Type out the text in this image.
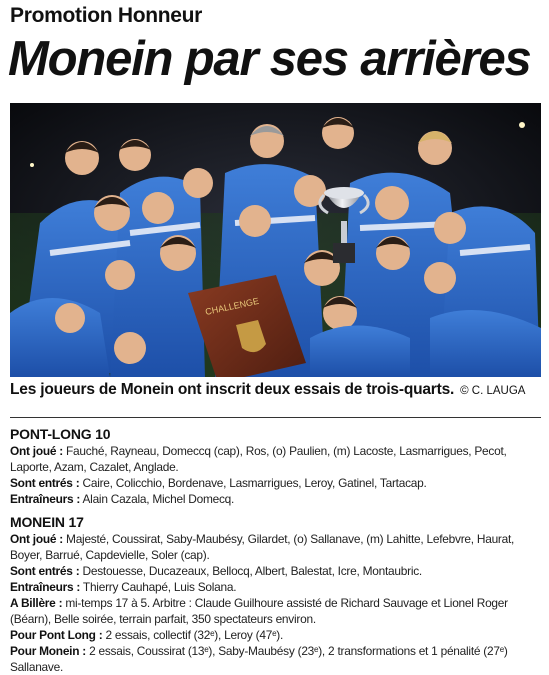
Promotion Honneur
Monein par ses arrières
CHALLENGE
Les joueurs de Monein ont inscrit deux essais de trois-quarts. © C. LAUGA
PONT-LONG 10

Ont joué : Fauché, Rayneau, Domeccq (cap), Ros, (o) Paulien, (m) Lacoste, Lasmarrigues, Pecot, Laporte, Azam, Cazalet, Anglade.

Sont entrés : Caire, Colicchio, Bordenave, Lasmarrigues, Leroy, Gatinel, Tartacap.

Entraîneurs : Alain Cazala, Michel Domecq.

MONEIN 17

Ont joué : Majesté, Coussirat, Saby-Maubésy, Gilardet, (o) Sallanave, (m) Lahitte, Lefebvre, Haurat, Boyer, Barrué, Capdevielle, Soler (cap).

Sont entrés : Destouesse, Ducazeaux, Bellocq, Albert, Balestat, Icre, Montaubric.

Entraîneurs : Thierry Cauhapé, Luis Solana.

A Billère : mi-temps 17 à 5. Arbitre : Claude Guilhoure assisté de Richard Sauvage et Lionel Roger (Béarn), Belle soirée, terrain parfait, 350 spectateurs environ.

Pour Pont Long : 2 essais, collectif (32ᵉ), Leroy (47ᵉ).

Pour Monein : 2 essais, Coussirat (13ᵉ), Saby-Maubésy (23ᵉ), 2 transformations et 1 pénalité (27ᵉ) Sallanave.
